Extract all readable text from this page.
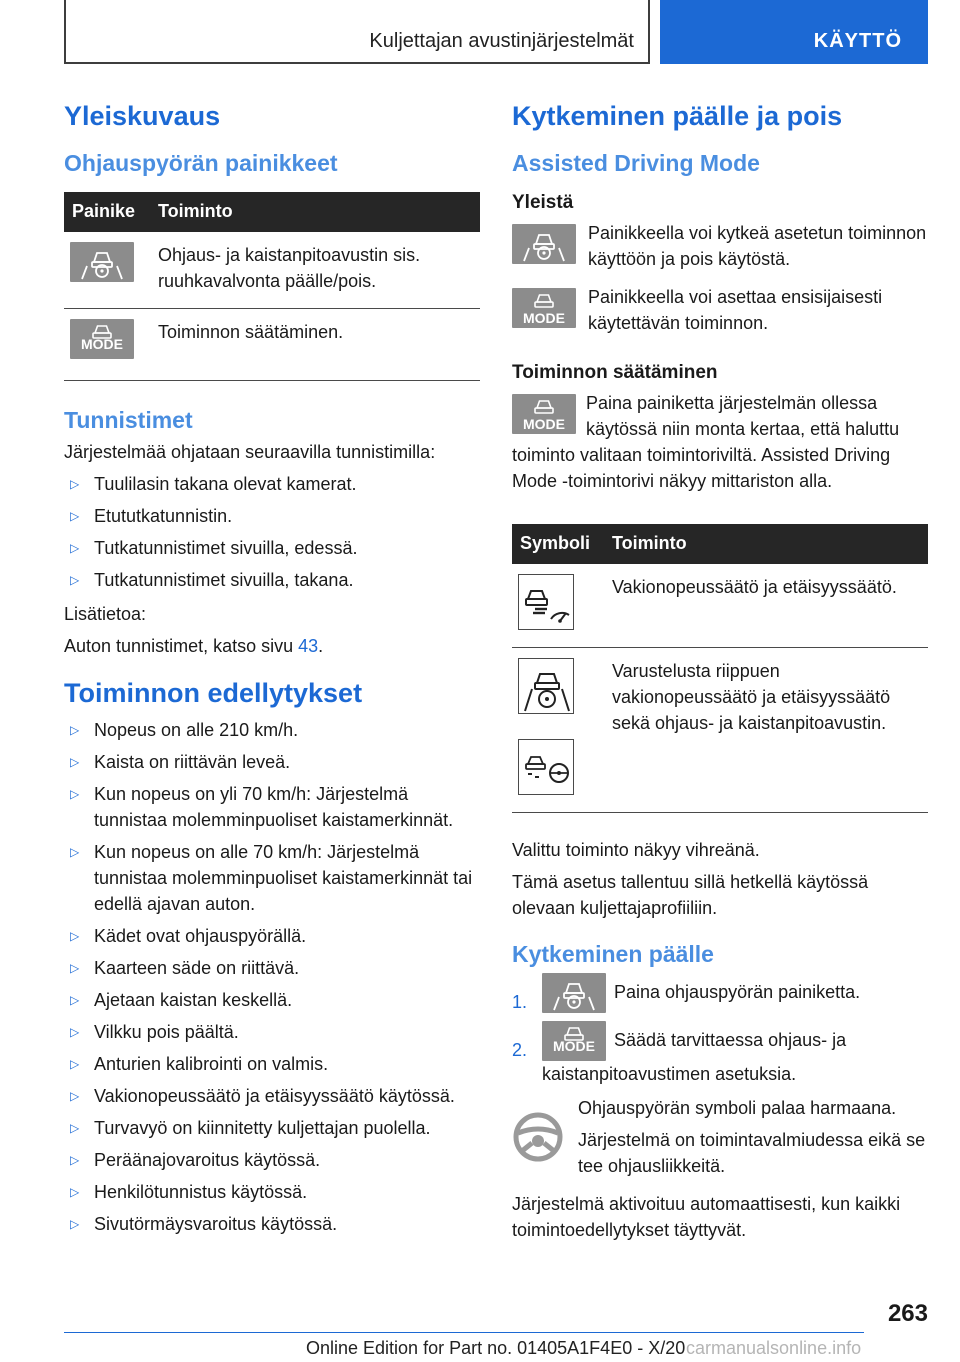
Kuljettajan avustinjärjestelmät	KÄYTTÖ
Yleiskuvaus
Ohjauspyörän painikkeet
Painike	Toiminto

	Ohjaus- ja kaistanpitoavustin sis. ruuhkavalvonta päälle/pois.

MODE	Toiminnon säätäminen.
Tunnistimet

Järjestelmää ohjataan seuraavilla tunnistimilla:

▷ Tuulilasin takana olevat kamerat.
▷ Etututkatunnistin.
▷ Tutkatunnistimet sivuilla, edessä.
▷ Tutkatunnistimet sivuilla, takana.

Lisätietoa:

Auton tunnistimet, katso sivu 43.

Toiminnon edellytykset
▷ Nopeus on alle 210 km/h.
▷ Kaista on riittävän leveä.
▷ Kun nopeus on yli 70 km/h: Järjestelmä tunnistaa molemminpuoliset kaistamerkinnät.
▷ Kun nopeus on alle 70 km/h: Järjestelmä tunnistaa molemminpuoliset kaistamerkinnät tai edellä ajavan auton.
▷ Kädet ovat ohjauspyörällä.
▷ Kaarteen säde on riittävä.
▷ Ajetaan kaistan keskellä.
▷ Vilkku pois päältä.
▷ Anturien kalibrointi on valmis.
▷ Vakionopeussäätö ja etäisyyssäätö käytössä.
▷ Turvavyö on kiinnitetty kuljettajan puolella.
▷ Peräänajovaroitus käytössä.
▷ Henkilötunnistus käytössä.
▷ Sivutörmäysvaroitus käytössä.
Kytkeminen päälle ja pois
Assisted Driving Mode
Yleistä

Painikkeella voi kytkeä asetetun toiminnon käyttöön ja pois käytöstä.

MODE

Painikkeella voi asettaa ensisijaisesti käytettävän toiminnon.

Toiminnon säätäminen
MODE

Paina painiketta järjestelmän ollessa käytössä niin monta kertaa, että haluttu toiminto valitaan toimintoriviltä. Assisted Driving Mode -toimintorivi näkyy mittariston alla.

Symboli	Toiminto

	Vakionopeussäätö ja etäisyyssäätö.

	Varustelusta riippuen vakionopeussäätö ja etäisyyssäätö sekä ohjaus- ja kaistanpitoavustin.

Valittu toiminto näkyy vihreänä.

Tämä asetus tallentuu sillä hetkellä käytössä olevaan kuljettajaprofiiliin.

Kytkeminen päälle
1.
Paina ohjauspyörän painiketta.
2.	MODE	Säädä tarvittaessa ohjaus- ja kaistanpitoavustimen asetuksia.

Ohjauspyörän symboli palaa harmaana.

Järjestelmä on toimintavalmiudessa eikä se tee ohjausliikkeitä.

Järjestelmä aktivoituu automaattisesti, kun kaikki toimintoedellytykset täyttyvät.

263
Online Edition for Part no. 01405A1F4E0 - X/20 carmanualsonline.info
